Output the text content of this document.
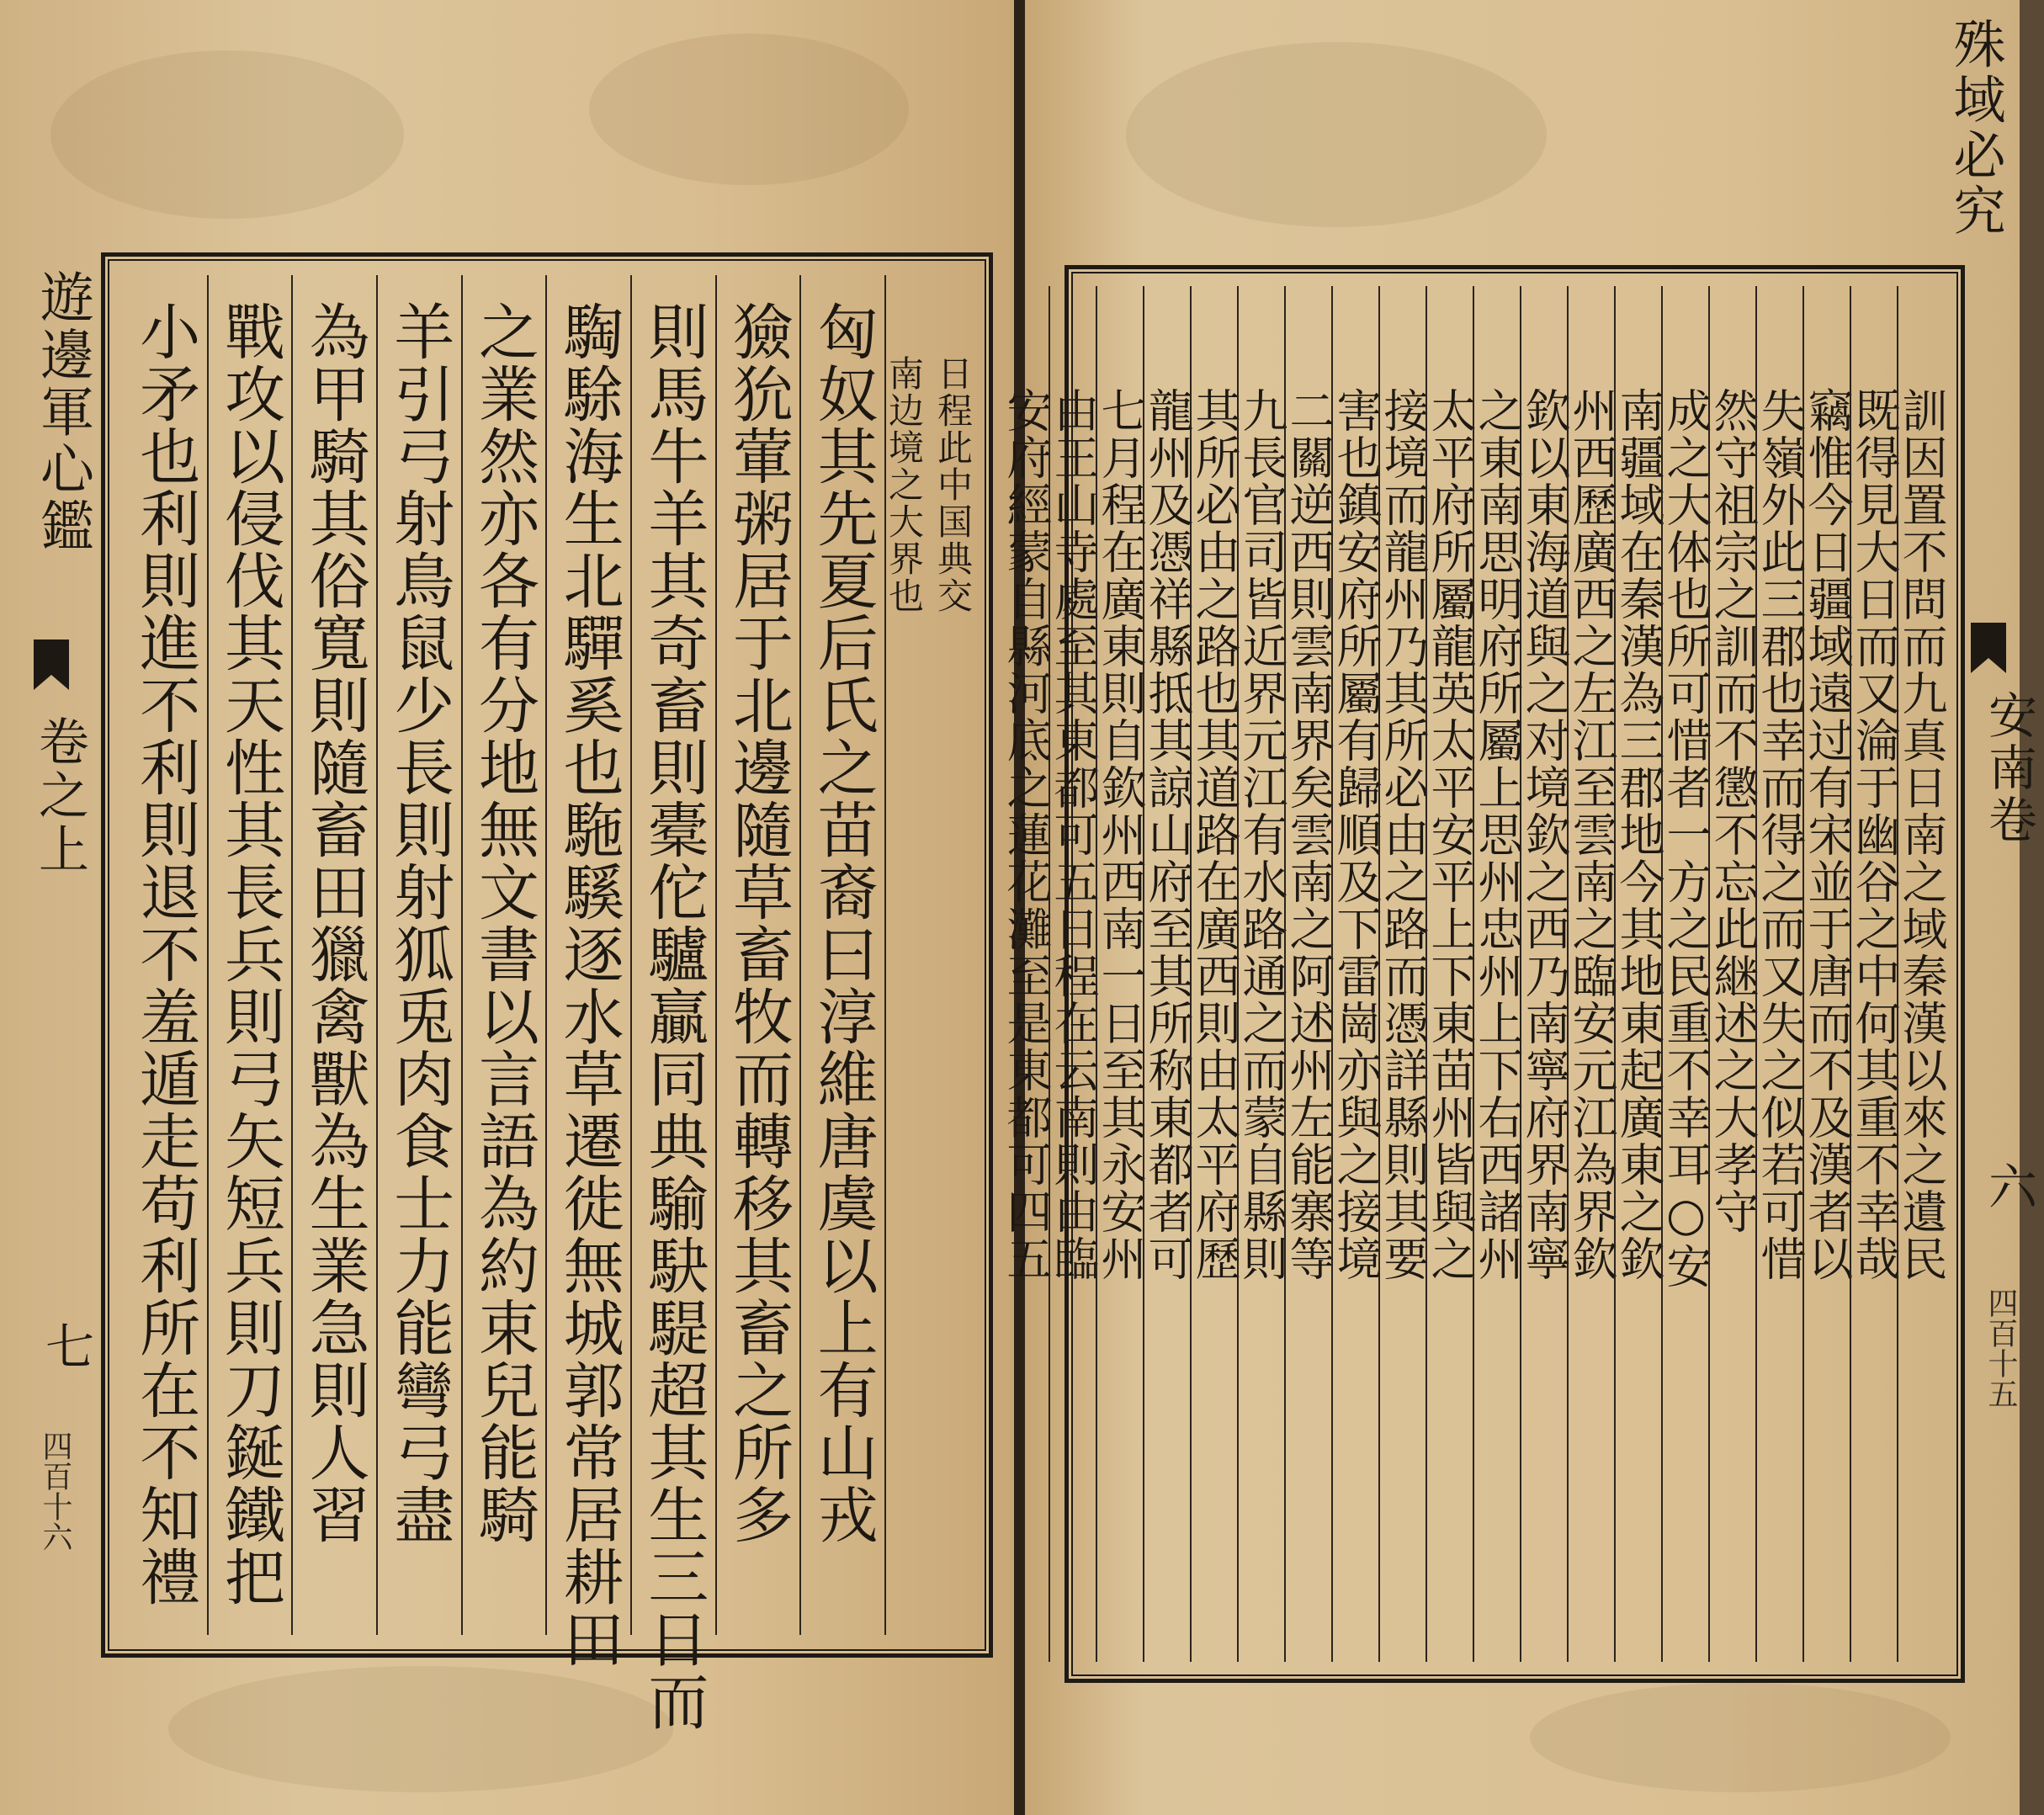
遊邊軍心鑑
卷之上
七
四百十六
日程此中国典交
南边境之大界也
匈奴其先夏后氏之苗裔曰淳維唐虞以上有山戎
獫狁葷粥居于北邊隨草畜牧而轉移其畜之所多
則馬牛羊其奇畜則橐佗驢贏同典騟駃騠超其生三日而
騊駼海生北驒奚也駞騱逐水草遷徙無城郭常居耕田
之業然亦各有分地無文書以言語為約束兒能騎
羊引弓射鳥鼠少長則射狐兎肉食士力能彎弓盡
為甲騎其俗寬則隨畜田獵禽獸為生業急則人習
戰攻以侵伐其天性其長兵則弓矢短兵則刀鋋鐵把
小矛也利則進不利則退不羞遁走苟利所在不知禮
殊域必究
安南卷
六
四百十五
訓因置不問而九真日南之域秦漢以來之遺民
既得見大日而又淪于幽谷之中何其重不幸哉
竊惟今日疆域遠过有宋並于唐而不及漢者以
失嶺外此三郡也幸而得之而又失之似若可惜
然守祖宗之訓而不懲不忘此継述之大孝守
成之大体也所可惜者一方之民重不幸耳○安
南疆域在秦漢為三郡地今其地東起廣東之欽
州西歷廣西之左江至雲南之臨安元江為界欽
欽以東海道與之对境欽之西乃南寧府界南寧
之東南思明府所屬上思州忠州上下右西諸州
太平府所屬龍英太平安平上下東苗州皆與之
接境而龍州乃其所必由之路而憑詳縣則其要
害也鎮安府所屬有歸順及下雷崗亦與之接境
二關逆西則雲南界矣雲南之阿述州左能寨等
九長官司皆近界元江有水路通之而蒙自縣則
其所必由之路也其道路在廣西則由太平府歷
龍州及憑祥縣抵其諒山府至其所称東都者可
七月程在廣東則自欽州西南一日至其永安州
由王山寺處至其東都可五日程在云南則由臨
安府經蒙自縣河底之蓮花灘至是東都可四五
